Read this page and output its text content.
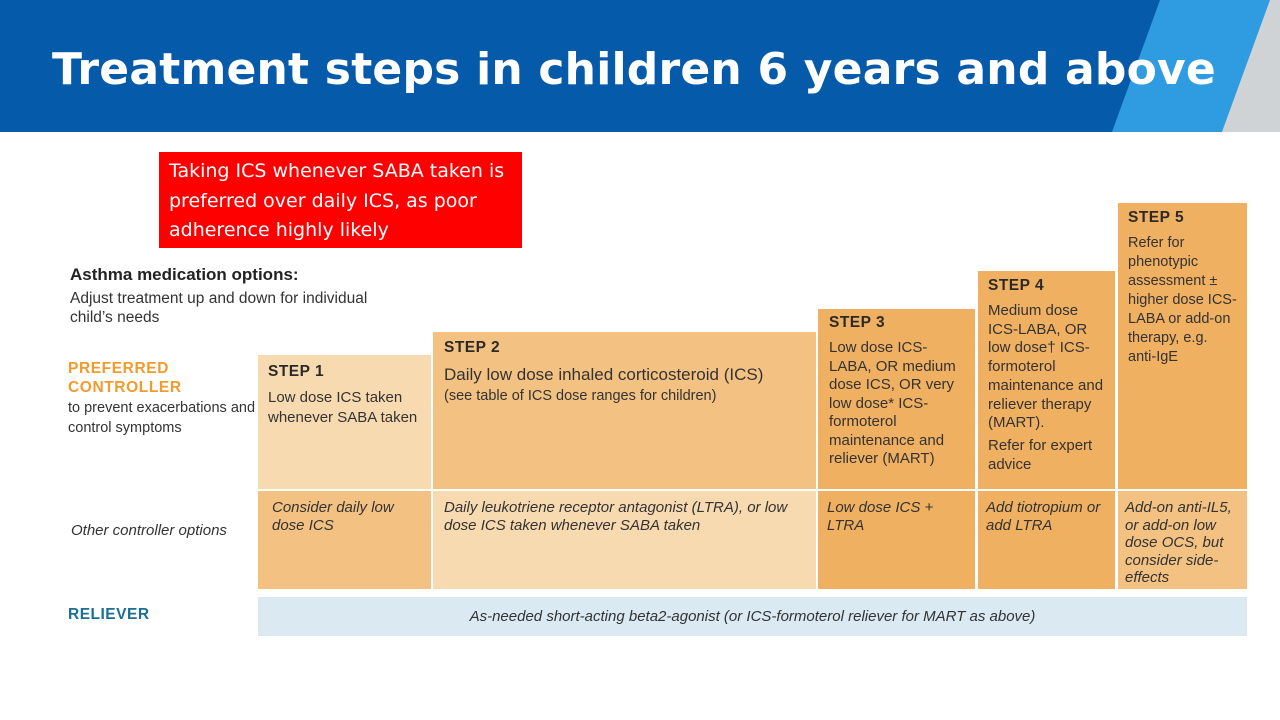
Treatment steps in children 6 years and above
Taking ICS whenever SABA taken is preferred over daily ICS, as poor adherence highly likely
Asthma medication options:
Adjust treatment up and down for individual child’s needs
PREFERRED CONTROLLER
to prevent exacerbations and control symptoms
Other controller options
RELIEVER
STEP 1
Low dose ICS taken whenever SABA taken
STEP 2
Daily low dose inhaled corticosteroid (ICS)
(see table of ICS dose ranges for children)
STEP 3
Low dose ICS-LABA, OR medium dose ICS, OR very low dose* ICS-formoterol maintenance and reliever (MART)
STEP 4
Medium dose ICS-LABA, OR low dose† ICS-formoterol maintenance and reliever therapy (MART).
Refer for expert advice
STEP 5
Refer for phenotypic assessment ± higher dose ICS-LABA or add-on therapy, e.g. anti-IgE
Consider daily low dose ICS
Daily leukotriene receptor antagonist (LTRA), or low dose ICS taken whenever SABA taken
Low dose ICS + LTRA
Add tiotropium or add LTRA
Add-on anti-IL5, or add-on low dose OCS, but consider side-effects
As-needed short-acting beta2-agonist (or ICS-formoterol reliever for MART as above)
